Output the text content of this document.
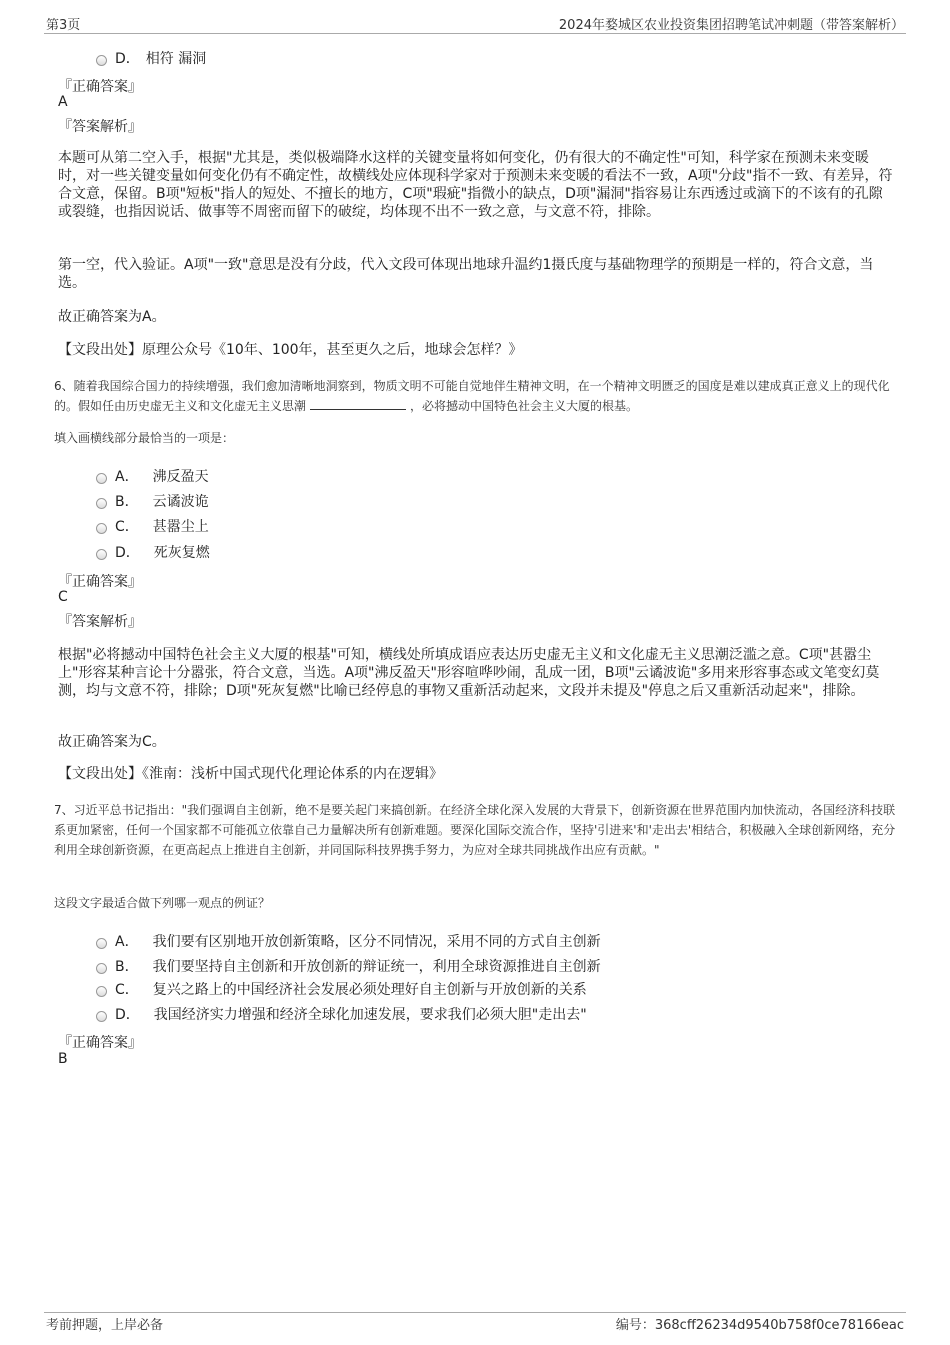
第3页	2024年婺城区农业投资集团招聘笔试冲刺题（带答案解析）
D． 相符 漏洞
『正确答案』
A
『答案解析』
本题可从第二空入手，根据"尤其是，类似极端降水这样的关键变量将如何变化，仍有很大的不确定性"可知，科学家在预测未来变暖时，对一些关键变量如何变化仍有不确定性，故横线处应体现科学家对于预测未来变暖的看法不一致，A项"分歧"指不一致、有差异，符合文意，保留。B项"短板"指人的短处、不擅长的地方，C项"瑕疵"指微小的缺点，D项"漏洞"指容易让东西透过或滴下的不该有的孔隙或裂缝，也指因说话、做事等不周密而留下的破绽，均体现不出不一致之意，与文意不符，排除。
第一空，代入验证。A项"一致"意思是没有分歧，代入文段可体现出地球升温约1摄氏度与基础物理学的预期是一样的，符合文意，当选。
故正确答案为A。
【文段出处】原理公众号《10年、100年，甚至更久之后，地球会怎样？》
6、随着我国综合国力的持续增强，我们愈加清晰地洞察到，物质文明不可能自觉地伴生精神文明，在一个精神文明匮乏的国度是难以建成真正意义上的现代化的。假如任由历史虚无主义和文化虚无主义思潮	，必将撼动中国特色社会主义大厦的根基。
填入画横线部分最恰当的一项是：
A． 沸反盈天
B． 云谲波诡
C． 甚嚣尘上
D． 死灰复燃
『正确答案』
C
『答案解析』
根据"必将撼动中国特色社会主义大厦的根基"可知，横线处所填成语应表达历史虚无主义和文化虚无主义思潮泛滥之意。C项"甚嚣尘上"形容某种言论十分嚣张，符合文意，当选。A项"沸反盈天"形容喧哗吵闹，乱成一团，B项"云谲波诡"多用来形容事态或文笔变幻莫测，均与文意不符，排除；D项"死灰复燃"比喻已经停息的事物又重新活动起来，文段并未提及"停息之后又重新活动起来"，排除。
故正确答案为C。
【文段出处】《淮南：浅析中国式现代化理论体系的内在逻辑》
7、习近平总书记指出："我们强调自主创新，绝不是要关起门来搞创新。在经济全球化深入发展的大背景下，创新资源在世界范围内加快流动，各国经济科技联系更加紧密，任何一个国家都不可能孤立依靠自己力量解决所有创新难题。要深化国际交流合作，坚持'引进来'和'走出去'相结合，积极融入全球创新网络，充分利用全球创新资源，在更高起点上推进自主创新，并同国际科技界携手努力，为应对全球共同挑战作出应有贡献。"
这段文字最适合做下列哪一观点的例证？
A． 我们要有区别地开放创新策略，区分不同情况，采用不同的方式自主创新
B． 我们要坚持自主创新和开放创新的辩证统一，利用全球资源推进自主创新
C． 复兴之路上的中国经济社会发展必须处理好自主创新与开放创新的关系
D． 我国经济实力增强和经济全球化加速发展，要求我们必须大胆"走出去"
『正确答案』
B
考前押题，上岸必备	编号：368cff26234d9540b758f0ce78166eac
